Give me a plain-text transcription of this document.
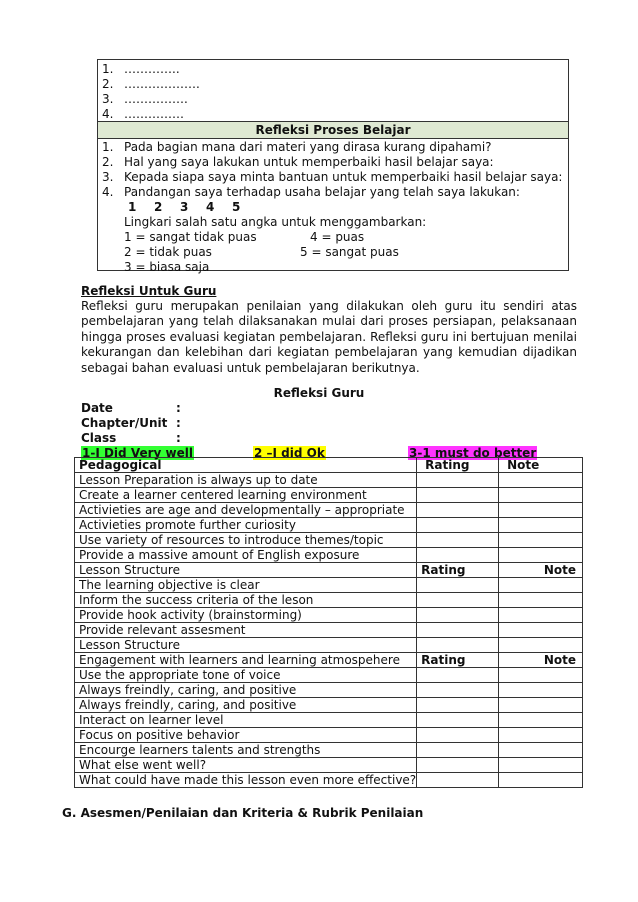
1. …………..
2. ……………….
3. …………….
4. ……………
Refleksi Proses Belajar
1. Pada bagian mana dari materi yang dirasa kurang dipahami?
2. Hal yang saya lakukan untuk memperbaiki hasil belajar saya:
3. Kepada siapa saya minta bantuan untuk memperbaiki hasil belajar saya:
4. Pandangan saya terhadap usaha belajar yang telah saya lakukan:
1 2 3 4 5
Lingkari salah satu angka untuk menggambarkan:
1 = sangat tidak puas	4 = puas
2 = tidak puas	5 = sangat puas
3 = biasa saja
Refleksi Untuk Guru
Refleksi guru merupakan penilaian yang dilakukan oleh guru itu sendiri atas pembelajaran yang telah dilaksanakan mulai dari proses persiapan, pelaksanaan hingga proses evaluasi kegiatan pembelajaran. Refleksi guru ini bertujuan menilai kekurangan dan kelebihan dari kegiatan pembelajaran yang kemudian dijadikan sebagai bahan evaluasi untuk pembelajaran berikutnya.
Refleksi Guru
Date	:
Chapter/Unit :
Class	:
1-I Did Very well	2 –I did Ok	3-1 must do better
Pedagogical	Rating	Note
Lesson Preparation is always up to date		
Create a learner centered learning environment		
Activieties are age and developmentally – appropriate		
Activieties promote further curiosity		
Use variety of resources to introduce themes/topic		
Provide a massive amount of English exposure		
Lesson Structure	Rating	Note
The learning objective is clear		
Inform the success criteria of the leson		
Provide hook activity (brainstorming)		
Provide relevant assesment		
Lesson Structure		
Engagement with learners and learning atmospehere	Rating	Note
Use the appropriate tone of voice		
Always freindly, caring, and positive		
Always freindly, caring, and positive		
Interact on learner level		
Focus on positive behavior		
Encourge learners talents and strengths		
What else went well?		
What could have made this lesson even more effective?		
G. Asesmen/Penilaian dan Kriteria & Rubrik Penilaian
